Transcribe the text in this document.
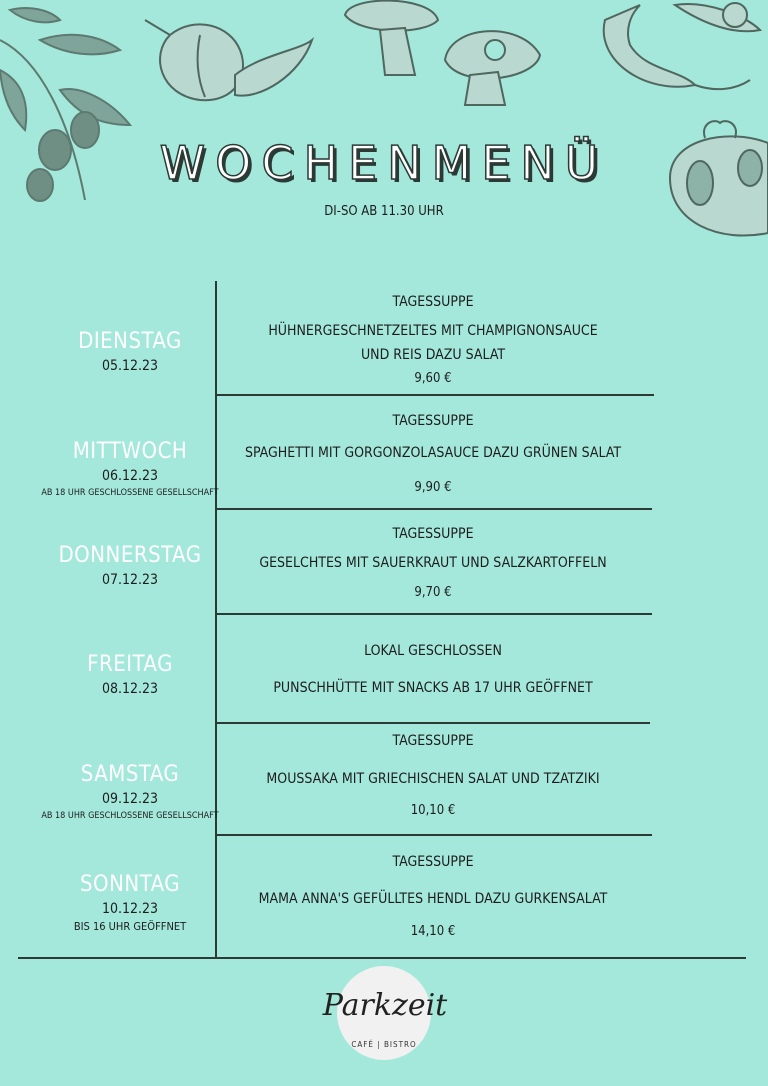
WOCHENMENÜ
DI-SO AB 11.30 UHR
DIENSTAG
05.12.23
TAGESSUPPE
HÜHNERGESCHNETZELTES MIT CHAMPIGNONSAUCE
UND REIS DAZU SALAT
9,60 €
MITTWOCH
06.12.23
AB 18 UHR GESCHLOSSENE GESELLSCHAFT
TAGESSUPPE
SPAGHETTI MIT GORGONZOLASAUCE DAZU GRÜNEN SALAT
9,90 €
DONNERSTAG
07.12.23
TAGESSUPPE
GESELCHTES MIT SAUERKRAUT UND SALZKARTOFFELN
9,70 €
FREITAG
08.12.23
LOKAL GESCHLOSSEN
PUNSCHHÜTTE MIT SNACKS AB 17 UHR GEÖFFNET
SAMSTAG
09.12.23
AB 18 UHR GESCHLOSSENE GESELLSCHAFT
TAGESSUPPE
MOUSSAKA MIT GRIECHISCHEN SALAT UND TZATZIKI
10,10 €
SONNTAG
10.12.23
BIS 16 UHR GEÖFFNET
TAGESSUPPE
MAMA ANNA'S GEFÜLLTES HENDL DAZU GURKENSALAT
14,10 €
Parkzeit
CAFÉ | BISTRO
